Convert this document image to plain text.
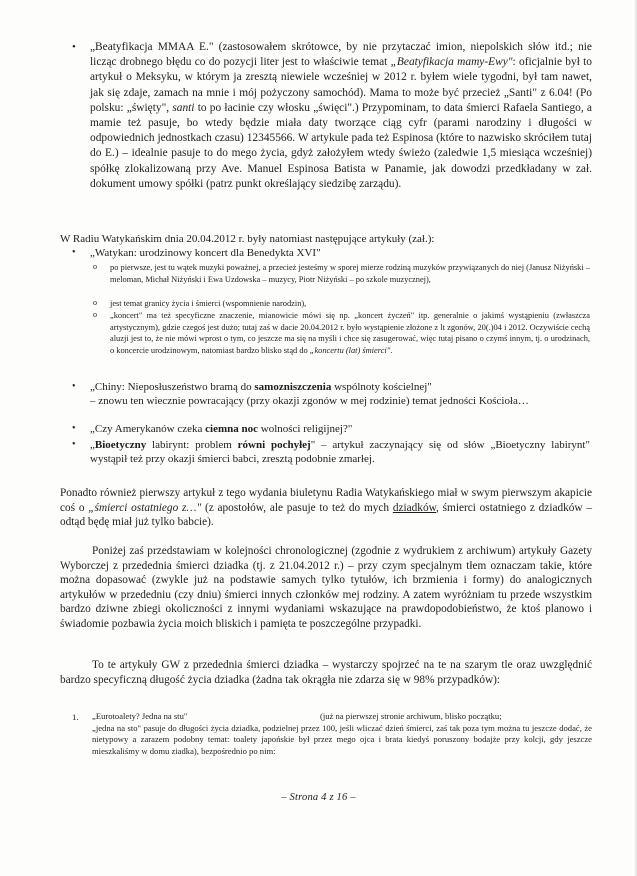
• „Beatyfikacja MMAA E." (zastosowałem skrótowce, by nie przytaczać imion, niepolskich słów itd.; nie licząc drobnego błędu co do pozycji liter jest to właściwie temat „Beatyfikacja mamy-Ewy": oficjalnie był to artykuł o Meksyku, w którym ja zresztą niewiele wcześniej w 2012 r. byłem wiele tygodni, był tam nawet, jak się zdaje, zamach na mnie i mój pożyczony samochód). Mama to może być przecież „Santi" z 6.04! (Po polsku: „święty", santi to po łacinie czy włosku „święci".) Przypominam, to data śmierci Rafaela Santiego, a mamie też pasuje, bo wtedy będzie miała daty tworzące ciąg cyfr (parami narodziny i długości w odpowiednich jednostkach czasu) 12345566. W artykule pada też Espinosa (które to nazwisko skróciłem tutaj do E.) – idealnie pasuje to do mego życia, gdyż założyłem wtedy świeżo (zaledwie 1,5 miesiąca wcześniej) spółkę zlokalizowaną przy Ave. Manuel Espinosa Batista w Panamie, jak dowodzi przedkładany w zał. dokument umowy spółki (patrz punkt określający siedzibę zarządu).
W Radiu Watykańskim dnia 20.04.2012 r. były natomiast następujące artykuły (zał.):
• „Watykan: urodzinowy koncert dla Benedykta XVI"
o po pierwsze, jest tu wątek muzyki poważnej, a przecież jesteśmy w sporej mierze rodziną muzyków przywiązanych do niej (Janusz Niżyński – meloman, Michał Niżyński i Ewa Uzdowska – muzycy, Piotr Niżyński – po szkole muzycznej),
o jest temat granicy życia i śmierci (wspomnienie narodzin),
o „koncert" ma też specyficzne znaczenie, mianowicie mówi się np. „koncert życzeń" itp. generalnie o jakimś wystąpieniu (zwłaszcza artystycznym), gdzie czegoś jest dużo; tutaj zaś w dacie 20.04.2012 r. było wystąpienie złożone z lt zgonów, 20(.)04 i 2012. Oczywiście cechą aluzji jest to, że nie mówi wprost o tym, co jeszcze ma się na myśli i chce się zasugerować, więc tutaj pisano o czymś innym, tj. o urodzinach, o koncercie urodzinowym, natomiast bardzo blisko stąd do „koncertu (lat) śmierci".
• „Chiny: Nieposłuszeństwo bramą do samozniszczenia wspólnoty kościelnej"

– znowu ten wiecznie powracający (przy okazji zgonów w mej rodzinie) temat jedności Kościoła…
• „Czy Amerykanów czeka ciemna noc wolności religijnej?"
• „Bioetyczny labirynt: problem równi pochyłej" – artykuł zaczynający się od słów „Bioetyczny labirynt" wystąpił też przy okazji śmierci babci, zresztą podobnie zmarłej.
Ponadto również pierwszy artykuł z tego wydania biuletynu Radia Watykańskiego miał w swym pierwszym akapicie coś o „śmierci ostatniego z…" (z apostołów, ale pasuje to też do mych dziadków, śmierci ostatniego z dziadków – odtąd będę miał już tylko babcie).
Poniżej zaś przedstawiam w kolejności chronologicznej (zgodnie z wydrukiem z archiwum) artykuły Gazety Wyborczej z przedednia śmierci dziadka (tj. z 21.04.2012 r.) – przy czym specjalnym tłem oznaczam takie, które można dopasować (zwykle już na podstawie samych tylko tytułów, ich brzmienia i formy) do analogicznych artykułów w przededniu (czy dniu) śmierci innych członków mej rodziny. A zatem wyróżniam tu przede wszystkim bardzo dziwne zbiegi okoliczności z innymi wydaniami wskazujące na prawdopodobieństwo, że ktoś planowo i świadomie pozbawia życia moich bliskich i pamięta te poszczególne przypadki.
To te artykuły GW z przedednia śmierci dziadka – wystarczy spojrzeć na te na szarym tle oraz uwzględnić bardzo specyficzną długość życia dziadka (żadna tak okrągła nie zdarza się w 98% przypadków):
1. „Eurotoalety? Jedna na stu"	(już na pierwszej stronie archiwum, blisko początku;
„jedna na sto" pasuje do długości życia dziadka, podzielnej przez 100, jeśli wliczać dzień śmierci, zaś tak poza tym można tu jeszcze dodać, że nietypowy a zarazem podobny temat: toalety japońskie był przez mego ojca i brata kiedyś poruszony bodajże przy kolcji, gdy jeszcze mieszkaliśmy w domu ziadka), bezpośrednio po nim:
– Strona 4 z 16 –
